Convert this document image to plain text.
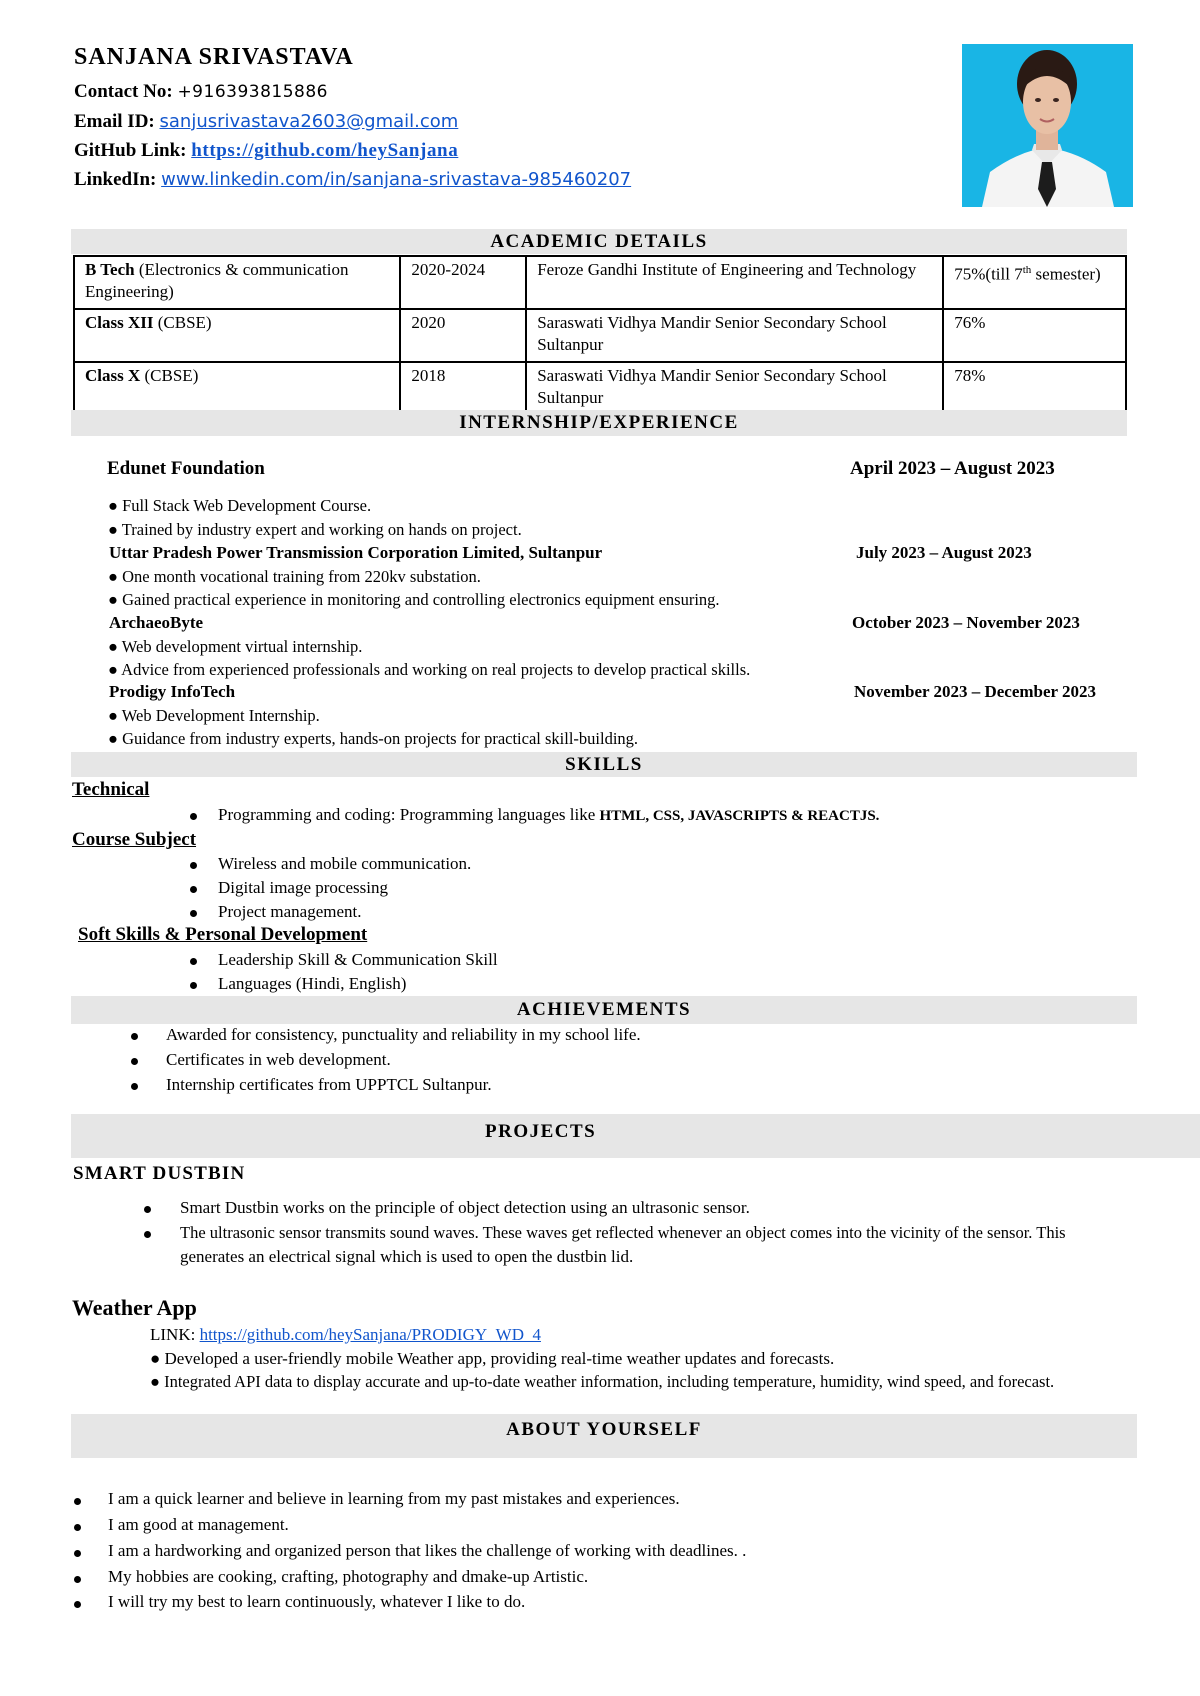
SANJANA SRIVASTAVA
Contact No: +916393815886
Email ID: sanjusrivastava2603@gmail.com
GitHub Link: https://github.com/heySanjana
LinkedIn: www.linkedin.com/in/sanjana-srivastava-985460207
ACADEMIC DETAILS
B Tech (Electronics & communication Engineering)	2020-2024	Feroze Gandhi Institute of Engineering and Technology	75%(till 7th semester)
Class XII (CBSE)	2020	Saraswati Vidhya Mandir Senior Secondary School Sultanpur	76%
Class X (CBSE)	2018	Saraswati Vidhya Mandir Senior Secondary School Sultanpur	78%
INTERNSHIP/EXPERIENCE
Edunet Foundation	April 2023 – August 2023
● Full Stack Web Development Course.
● Trained by industry expert and working on hands on project.
Uttar Pradesh Power Transmission Corporation Limited, Sultanpur	July 2023 – August 2023
● One month vocational training from 220kv substation.
● Gained practical experience in monitoring and controlling electronics equipment ensuring.
ArchaeoByte	October 2023 – November 2023
● Web development virtual internship.
● Advice from experienced professionals and working on real projects to develop practical skills.
Prodigy InfoTech	November 2023 – December 2023
● Web Development Internship.
● Guidance from industry experts, hands-on projects for practical skill-building.
SKILLS
Technical
Programming and coding: Programming languages like HTML, CSS, JAVASCRIPTS & REACTJS.
Course Subject
Wireless and mobile communication.
Digital image processing
Project management.
Soft Skills & Personal Development
Leadership Skill & Communication Skill
Languages (Hindi, English)
ACHIEVEMENTS
Awarded for consistency, punctuality and reliability in my school life.
Certificates in web development.
Internship certificates from UPPTCL Sultanpur.
PROJECTS
SMART DUSTBIN
Smart Dustbin works on the principle of object detection using an ultrasonic sensor.
The ultrasonic sensor transmits sound waves. These waves get reflected whenever an object comes into the vicinity of the sensor. This
generates an electrical signal which is used to open the dustbin lid.
Weather App
LINK: https://github.com/heySanjana/PRODIGY_WD_4
● Developed a user-friendly mobile Weather app, providing real-time weather updates and forecasts.
● Integrated API data to display accurate and up-to-date weather information, including temperature, humidity, wind speed, and forecast.
ABOUT YOURSELF
I am a quick learner and believe in learning from my past mistakes and experiences.
I am good at management.
I am a hardworking and organized person that likes the challenge of working with deadlines. .
My hobbies are cooking, crafting, photography and dmake-up Artistic.
I will try my best to learn continuously, whatever I like to do.
